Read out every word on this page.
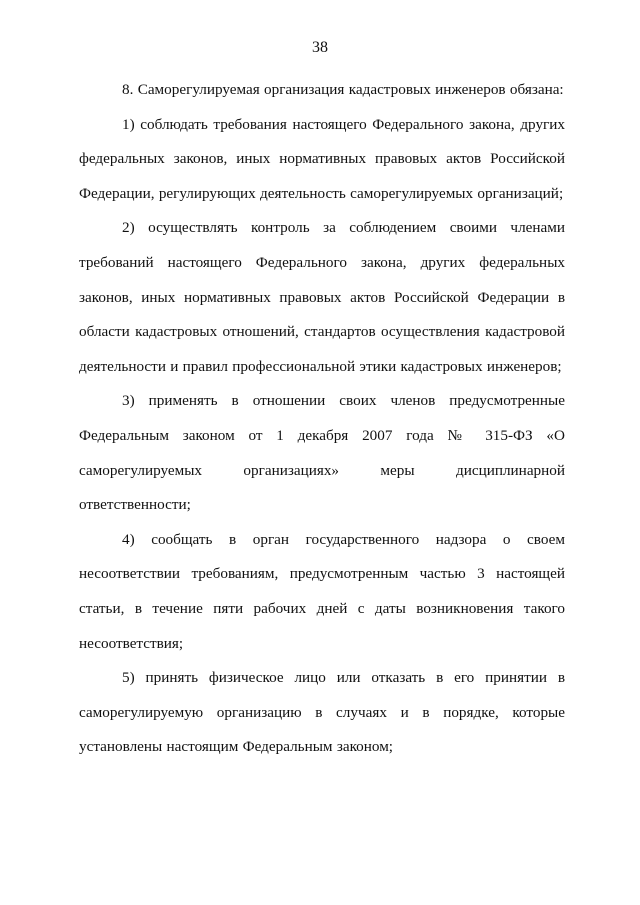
38

8. Саморегулируемая организация кадастровых инженеров обязана:

1) соблюдать требования настоящего Федерального закона, других федеральных законов, иных нормативных правовых актов Российской Федерации, регулирующих деятельность саморегулируемых организаций;

2) осуществлять контроль за соблюдением своими членами требований настоящего Федерального закона, других федеральных законов, иных нормативных правовых актов Российской Федерации в области кадастровых отношений, стандартов осуществления кадастровой деятельности и правил профессиональной этики кадастровых инженеров;

3) применять в отношении своих членов предусмотренные Федеральным законом от 1 декабря 2007 года № 315-ФЗ «О саморегулируемых организациях» меры дисциплинарной ответственности;

4) сообщать в орган государственного надзора о своем несоответствии требованиям, предусмотренным частью 3 настоящей статьи, в течение пяти рабочих дней с даты возникновения такого несоответствия;

5) принять физическое лицо или отказать в его принятии в саморегулируемую организацию в случаях и в порядке, которые установлены настоящим Федеральным законом;
